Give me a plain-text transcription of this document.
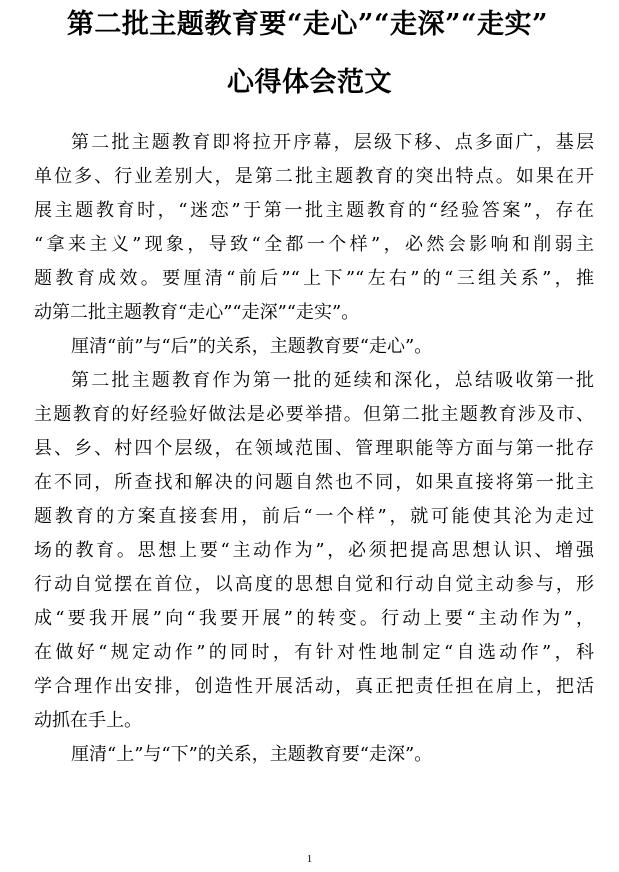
第二批主题教育要“走心”“走深”“走实”
心得体会范文
第二批主题教育即将拉开序幕，层级下移、点多面广，基层
单位多、行业差别大，是第二批主题教育的突出特点。如果在开
展主题教育时，“迷恋”于第一批主题教育的“经验答案”，存在
“拿来主义”现象，导致“全都一个样”，必然会影响和削弱主
题教育成效。要厘清“前后”“上下”“左右”的“三组关系”，推
动第二批主题教育“走心”“走深”“走实”。
厘清“前”与“后”的关系，主题教育要“走心”。
第二批主题教育作为第一批的延续和深化，总结吸收第一批
主题教育的好经验好做法是必要举措。但第二批主题教育涉及市、
县、乡、村四个层级，在领域范围、管理职能等方面与第一批存
在不同，所查找和解决的问题自然也不同，如果直接将第一批主
题教育的方案直接套用，前后“一个样”，就可能使其沦为走过
场的教育。思想上要“主动作为”，必须把提高思想认识、增强
行动自觉摆在首位，以高度的思想自觉和行动自觉主动参与，形
成“要我开展”向“我要开展”的转变。行动上要“主动作为”，
在做好“规定动作”的同时，有针对性地制定“自选动作”，科
学合理作出安排，创造性开展活动，真正把责任担在肩上，把活
动抓在手上。
厘清“上”与“下”的关系，主题教育要“走深”。
1
